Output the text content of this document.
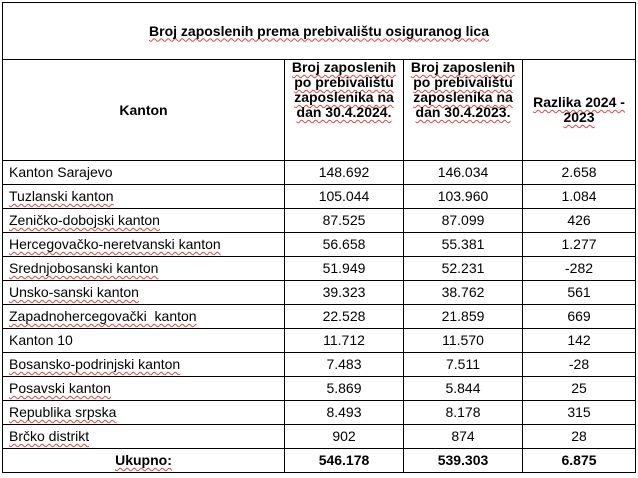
Broj zaposlenih prema prebivalištu osiguranog lica			
Kanton	Broj zaposlenih po prebivalištu zaposlenika na dan 30.4.2024.	Broj zaposlenih po prebivalištu zaposlenika na dan 30.4.2023.	Razlika 2024 - 2023
Kanton Sarajevo	148.692	146.034	2.658
Tuzlanski kanton	105.044	103.960	1.084
Zeničko-dobojski kanton	87.525	87.099	426
Hercegovačko-neretvanski kanton	56.658	55.381	1.277
Srednjobosanski kanton	51.949	52.231	-282
Unsko-sanski kanton	39.323	38.762	561
Zapadnohercegovački  kanton	22.528	21.859	669
Kanton 10	11.712	11.570	142
Bosansko-podrinjski kanton	7.483	7.511	-28
Posavski kanton	5.869	5.844	25
Republika srpska	8.493	8.178	315
Brčko distrikt	902	874	28
Ukupno:	546.178	539.303	6.875
